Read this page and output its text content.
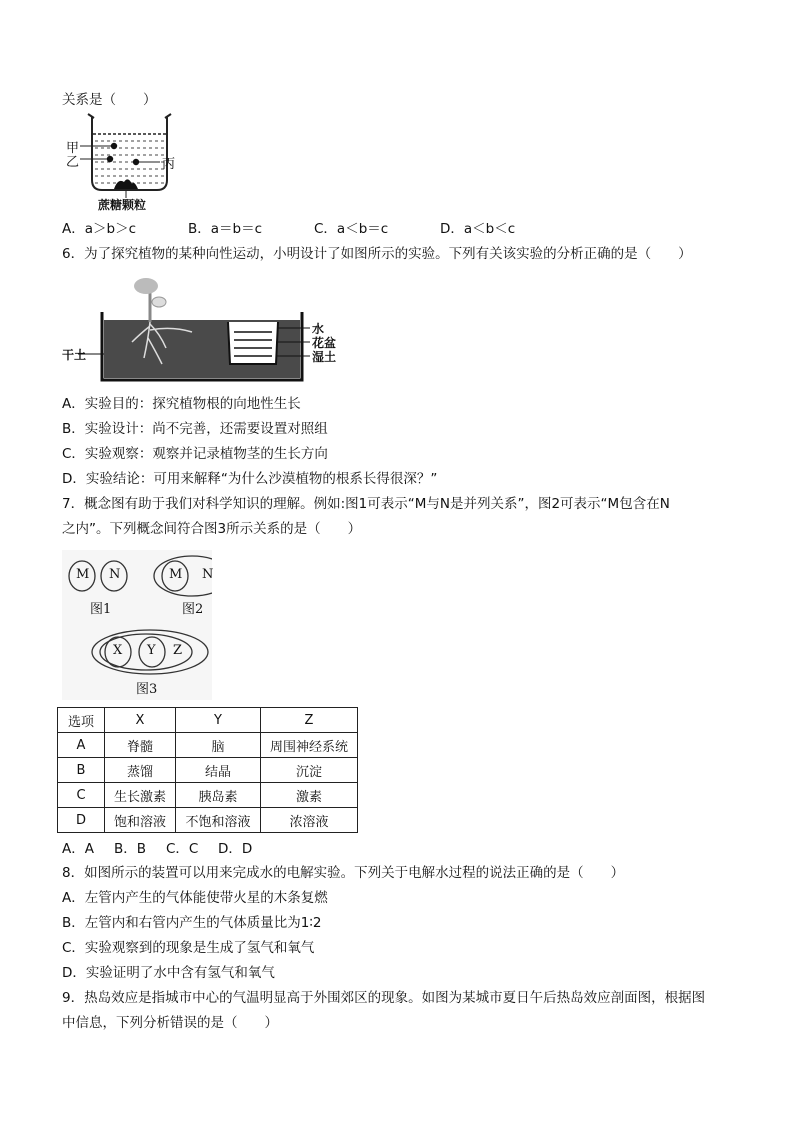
关系是（　　）
甲
乙	丙
蔗糖颗粒
A．a＞b＞c	B．a＝b＝c	C．a＜b＝c	D．a＜b＜c
6．为了探究植物的某种向性运动，小明设计了如图所示的实验。下列有关该实验的分析正确的是（　　）
水
花盆
湿土
干土
A．实验目的：探究植物根的向地性生长
B．实验设计：尚不完善，还需要设置对照组
C．实验观察：观察并记录植物茎的生长方向
D．实验结论：可用来解释“为什么沙漠植物的根系长得很深？”
7．概念图有助于我们对科学知识的理解。例如:图1可表示“M与N是并列关系”，图2可表示“M包含在N
之内”。下列概念间符合图3所示关系的是（　　）
M N
图1
M N
图2
X Y Z
图3
选项	X	Y	Z
A	脊髓	脑	周围神经系统
B	蒸馏	结晶	沉淀
C	生长激素	胰岛素	激素
D	饱和溶液	不饱和溶液	浓溶液
A．A B．B C．C D．D
8．如图所示的装置可以用来完成水的电解实验。下列关于电解水过程的说法正确的是（　　）
A．左管内产生的气体能使带火星的木条复燃
B．左管内和右管内产生的气体质量比为1∶2
C．实验观察到的现象是生成了氢气和氧气
D．实验证明了水中含有氢气和氧气
9．热岛效应是指城市中心的气温明显高于外围郊区的现象。如图为某城市夏日午后热岛效应剖面图，根据图
中信息，下列分析错误的是（　　）
